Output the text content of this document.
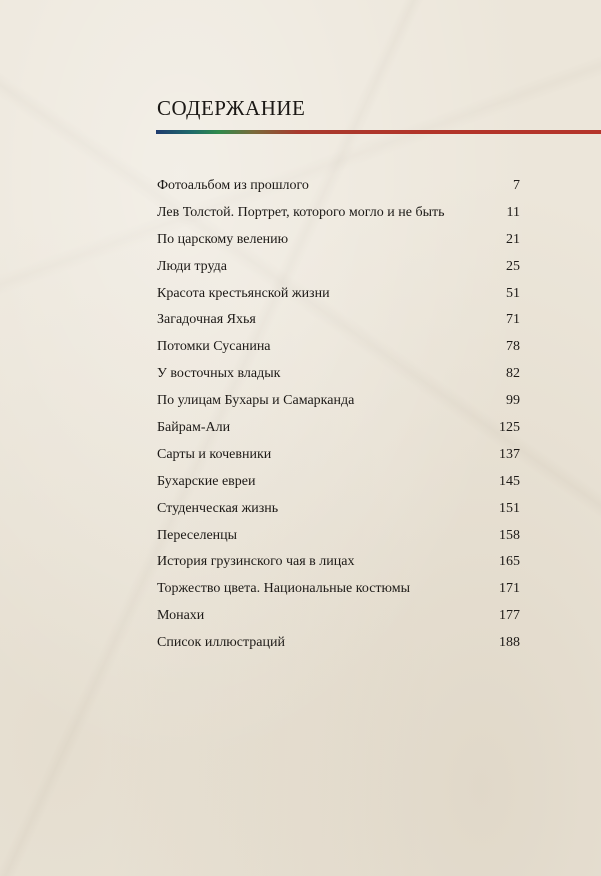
СОДЕРЖАНИЕ
Фотоальбом из прошлого	7
Лев Толстой. Портрет, которого могло и не быть	11
По царскому велению	21
Люди труда	25
Красота крестьянской жизни	51
Загадочная Яхья	71
Потомки Сусанина	78
У восточных владык	82
По улицам Бухары и Самарканда	99
Байрам-Али	125
Сарты и кочевники	137
Бухарские евреи	145
Студенческая жизнь	151
Переселенцы	158
История грузинского чая в лицах	165
Торжество цвета. Национальные костюмы	171
Монахи	177
Список иллюстраций	188
